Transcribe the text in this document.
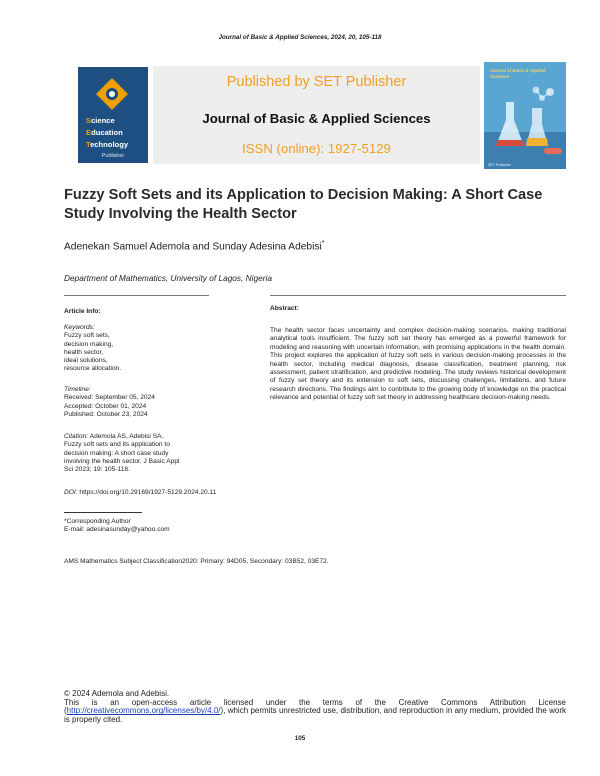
Journal of Basic & Applied Sciences, 2024, 20, 105-118
Science
Education
Technology
Publisher
Published by SET Publisher
Journal of Basic & Applied Sciences
ISSN (online): 1927-5129
Journal of Basic & Applied Sciences
SET Publisher
Fuzzy Soft Sets and its Application to Decision Making: A Short Case Study Involving the Health Sector
Adenekan Samuel Ademola and Sunday Adesina Adebisi*
Department of Mathematics, University of Lagos, Nigeria
Article Info:
Keywords:
Fuzzy soft sets,
decision making,
health sector,
ideal solutions,
resource allocation.
Timeline:
Received: September 05, 2024
Accepted: October 01, 2024
Published: October 23, 2024
Citation: Ademola AS, Adebisi SA.
Fuzzy soft sets and its application to
decision making: A short case study
involving the health sector. J Basic Appl
Sci 2023; 19: 105-118.
DOI: https://doi.org/10.29169/1927-5129.2024.20.11
Abstract:
The health sector faces uncertainty and complex decision-making scenarios, making traditional analytical tools insufficient. The fuzzy soft set theory has emerged as a powerful framework for modeling and reasoning with uncertain information, with promising applications in the health domain. This project explores the application of fuzzy soft sets in various decision-making processes in the health sector, including medical diagnosis, disease classification, treatment planning, risk assessment, patient stratification, and predictive modeling. The study reviews historical development of fuzzy set theory and its extension to soft sets, discussing challenges, limitations, and future research directions. The findings aim to contribute to the growing body of knowledge on the practical relevance and potential of fuzzy soft set theory in addressing healthcare decision-making needs.
*Corresponding Author
E-mail: adesinasunday@yahoo.com
AMS Mathematics Subject Classification2020: Primary: 94D05, Secondary: 03B52, 03E72.
© 2024 Ademola and Adebisi.
This is an open-access article licensed under the terms of the Creative Commons Attribution License (http://creativecommons.org/licenses/by/4.0/), which permits unrestricted use, distribution, and reproduction in any medium, provided the work is properly cited.
105
